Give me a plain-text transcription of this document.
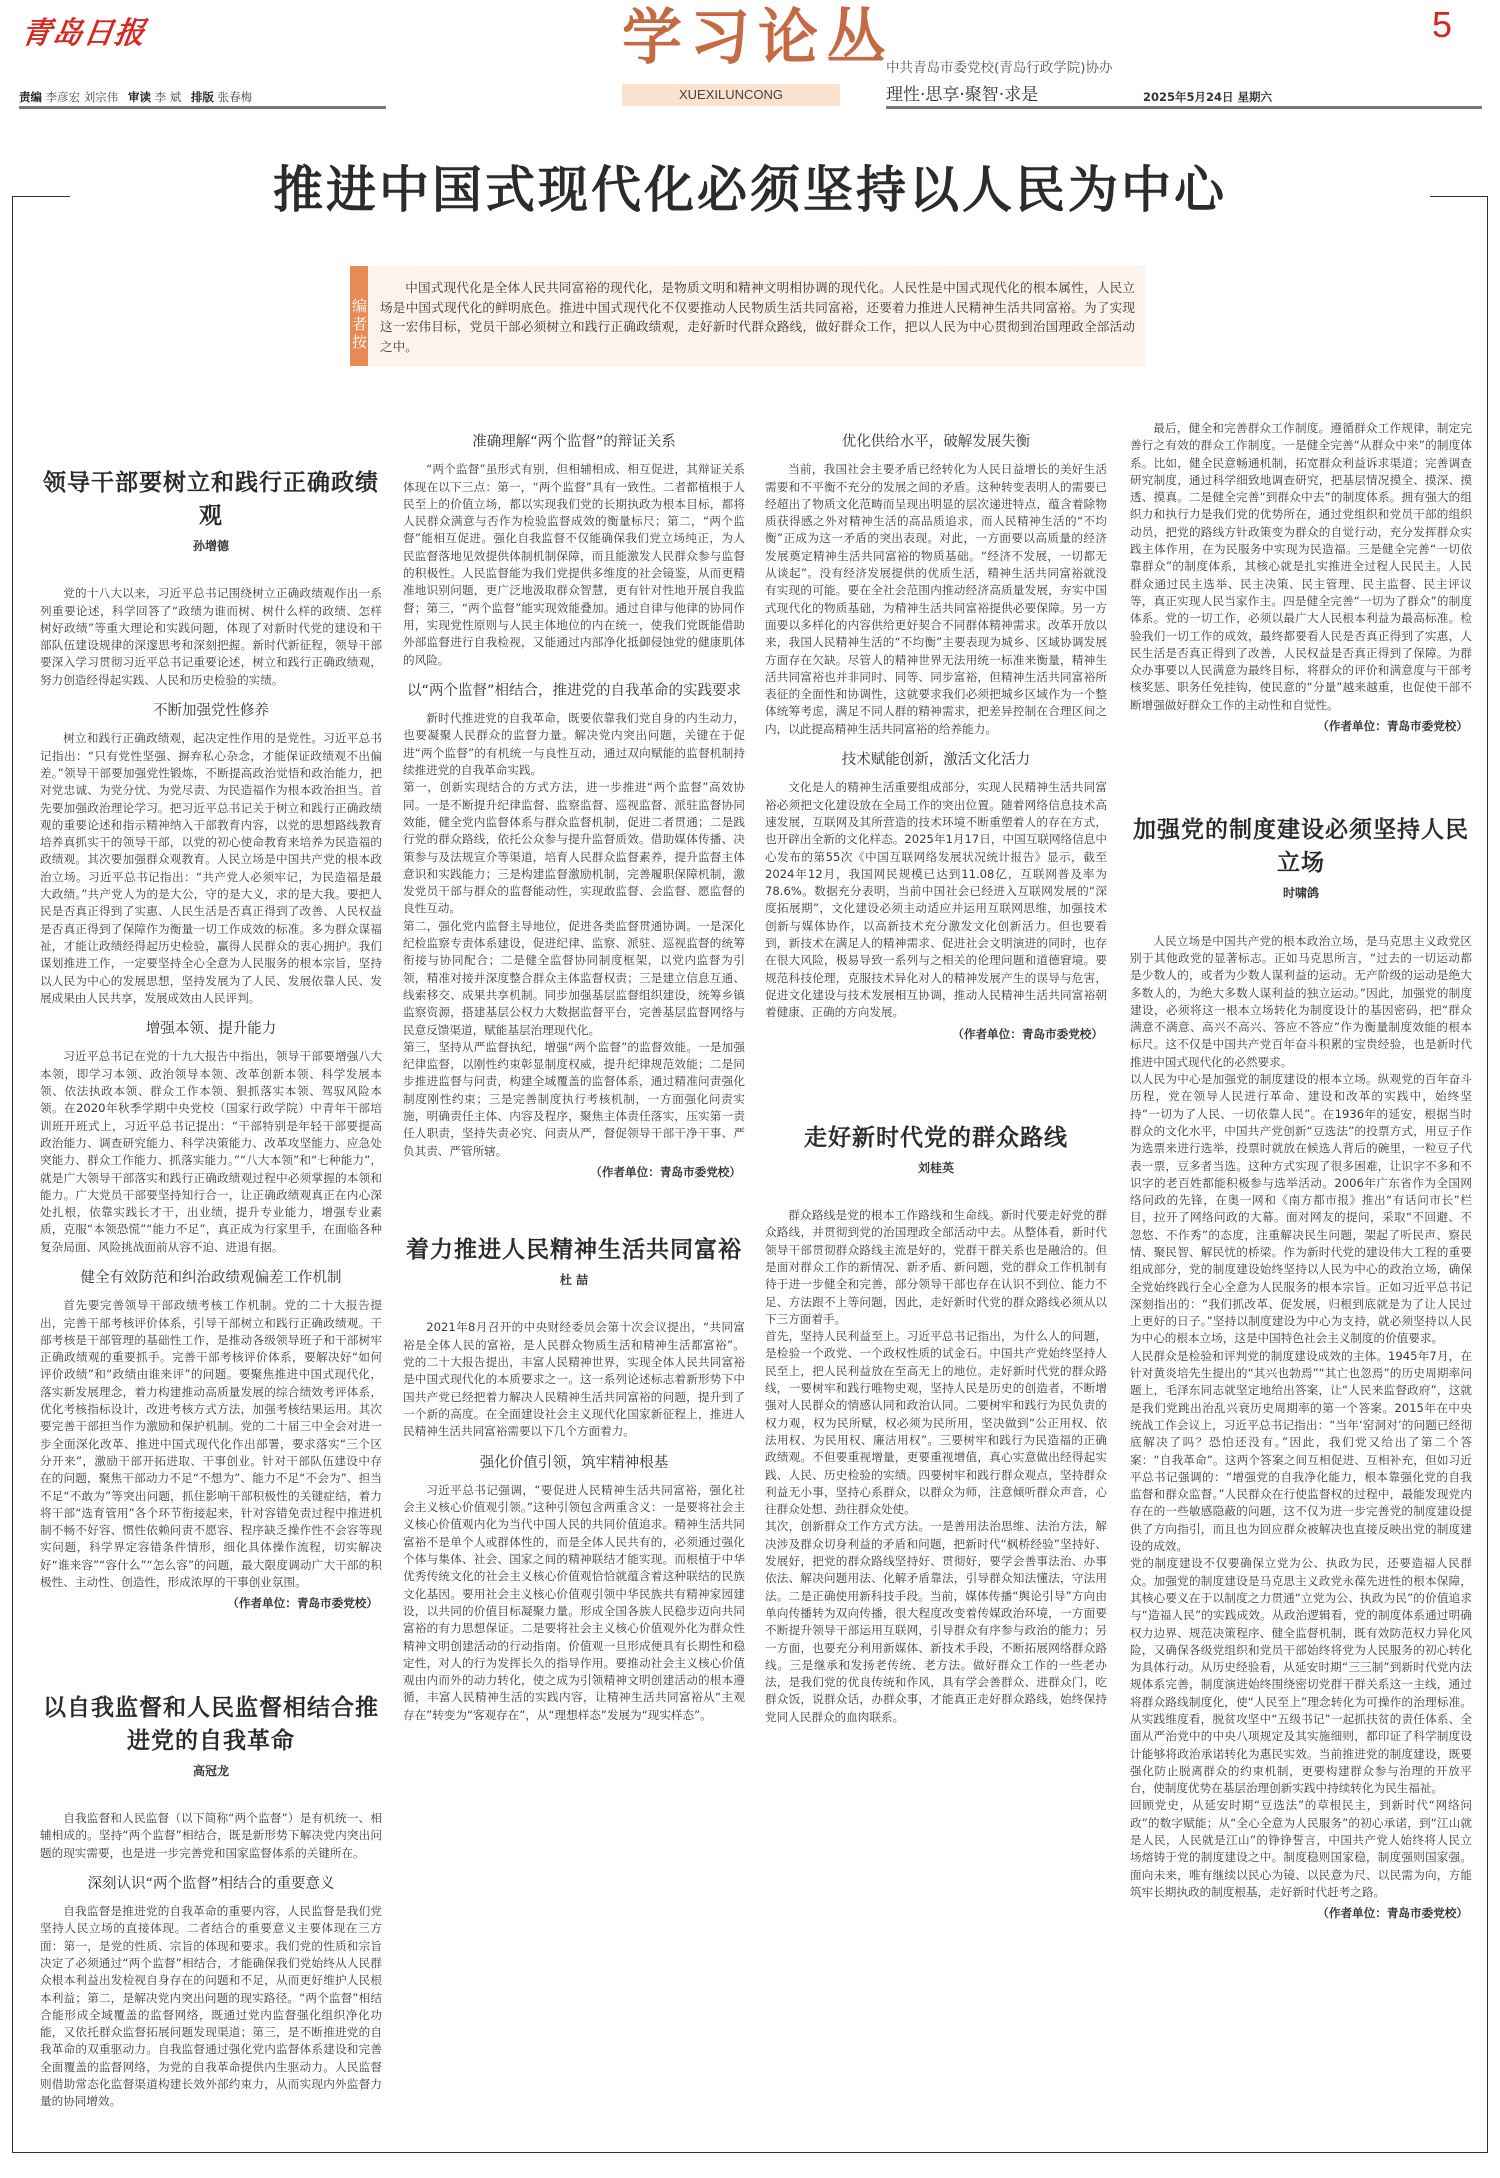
青岛日报	学习论丛
XUEXILUNCONG
5
中共青岛市委党校(青岛行政学院)协办
理性·思享·聚智·求是	2025年5月24日 星期六
责编 李彦宏 刘宗伟 审读 李 斌 排版 张春梅
推进中国式现代化必须坚持以人民为中心
编者按
中国式现代化是全体人民共同富裕的现代化，是物质文明和精神文明相协调的现代化。人民性是中国式现代化的根本属性，人民立场是中国式现代化的鲜明底色。推进中国式现代化不仅要推动人民物质生活共同富裕，还要着力推进人民精神生活共同富裕。为了实现这一宏伟目标，党员干部必须树立和践行正确政绩观，走好新时代群众路线，做好群众工作，把以人民为中心贯彻到治国理政全部活动之中。
领导干部要树立和践行正确政绩观
孙增德

党的十八大以来，习近平总书记围绕树立正确政绩观作出一系列重要论述，科学回答了“政绩为谁而树、树什么样的政绩、怎样树好政绩”等重大理论和实践问题，体现了对新时代党的建设和干部队伍建设规律的深邃思考和深刻把握。新时代新征程，领导干部要深入学习贯彻习近平总书记重要论述，树立和践行正确政绩观，努力创造经得起实践、人民和历史检验的实绩。

不断加强党性修养

树立和践行正确政绩观，起决定性作用的是党性。习近平总书记指出：“只有党性坚强、摒弃私心杂念，才能保证政绩观不出偏差。”领导干部要加强党性锻炼，不断提高政治觉悟和政治能力，把对党忠诚、为党分忧、为党尽责、为民造福作为根本政治担当。首先要加强政治理论学习。把习近平总书记关于树立和践行正确政绩观的重要论述和指示精神纳入干部教育内容，以党的思想路线教育培养真抓实干的领导干部，以党的初心使命教育来培养为民造福的政绩观。其次要加强群众观教育。人民立场是中国共产党的根本政治立场。习近平总书记指出：“共产党人必须牢记，为民造福是最大政绩。”共产党人为的是大公，守的是大义，求的是大我。要把人民是否真正得到了实惠、人民生活是否真正得到了改善、人民权益是否真正得到了保障作为衡量一切工作成效的标准。多为群众谋福祉，才能让政绩经得起历史检验，赢得人民群众的衷心拥护。我们谋划推进工作，一定要坚持全心全意为人民服务的根本宗旨，坚持以人民为中心的发展思想，坚持发展为了人民、发展依靠人民、发展成果由人民共享，发展成效由人民评判。

增强本领、提升能力

习近平总书记在党的十九大报告中指出，领导干部要增强八大本领，即学习本领、政治领导本领、改革创新本领、科学发展本领、依法执政本领、群众工作本领、狠抓落实本领、驾驭风险本领。在2020年秋季学期中央党校（国家行政学院）中青年干部培训班开班式上，习近平总书记提出：“干部特别是年轻干部要提高政治能力、调查研究能力、科学决策能力、改革攻坚能力、应急处突能力、群众工作能力、抓落实能力。”“八大本领”和“七种能力”，就是广大领导干部落实和践行正确政绩观过程中必须掌握的本领和能力。广大党员干部要坚持知行合一，让正确政绩观真正在内心深处扎根，依靠实践长才干，出业绩，提升专业能力，增强专业素质，克服“本领恐慌”“能力不足”，真正成为行家里手，在面临各种复杂局面、风险挑战面前从容不迫、进退有据。

健全有效防范和纠治政绩观偏差工作机制

首先要完善领导干部政绩考核工作机制。党的二十大报告提出，完善干部考核评价体系，引导干部树立和践行正确政绩观。干部考核是干部管理的基础性工作，是推动各级领导班子和干部树牢正确政绩观的重要抓手。完善干部考核评价体系，要解决好“如何评价政绩”和“政绩由谁来评”的问题。要聚焦推进中国式现代化，落实新发展理念，着力构建推动高质量发展的综合绩效考评体系，优化考核指标设计，改进考核方式方法，加强考核结果运用。其次要完善干部担当作为激励和保护机制。党的二十届三中全会对进一步全面深化改革、推进中国式现代化作出部署，要求落实“三个区分开来”，激励干部开拓进取、干事创业。针对干部队伍建设中存在的问题，聚焦干部动力不足“不想为”、能力不足“不会为”、担当不足“不敢为”等突出问题，抓住影响干部积极性的关键症结，着力将干部“选育管用”各个环节衔接起来，针对容错免责过程中推进机制不畅不好容、惯性依赖问责不愿容、程序缺乏操作性不会容等现实问题，科学界定容错条件情形，细化具体操作流程，切实解决好“谁来容”“容什么”“怎么容”的问题，最大限度调动广大干部的积极性、主动性、创造性，形成浓厚的干事创业氛围。

（作者单位：青岛市委党校）
以自我监督和人民监督相结合推进党的自我革命
高冠龙

自我监督和人民监督（以下简称“两个监督”）是有机统一、相辅相成的。坚持“两个监督”相结合，既是新形势下解决党内突出问题的现实需要，也是进一步完善党和国家监督体系的关键所在。

深刻认识“两个监督”相结合的重要意义

自我监督是推进党的自我革命的重要内容，人民监督是我们党坚持人民立场的直接体现。二者结合的重要意义主要体现在三方面：第一，是党的性质、宗旨的体现和要求。我们党的性质和宗旨决定了必须通过“两个监督”相结合，才能确保我们党始终从人民群众根本利益出发检视自身存在的问题和不足，从而更好维护人民根本利益；第二，是解决党内突出问题的现实路径。“两个监督”相结合能形成全域覆盖的监督网络，既通过党内监督强化组织净化功能，又依托群众监督拓展问题发现渠道；第三，是不断推进党的自我革命的双重驱动力。自我监督通过强化党内监督体系建设和完善全面覆盖的监督网络，为党的自我革命提供内生驱动力。人民监督则借助常态化监督渠道构建长效外部约束力，从而实现内外监督力量的协同增效。

准确理解“两个监督”的辩证关系

“两个监督”虽形式有别，但相辅相成、相互促进，其辩证关系体现在以下三点：第一，“两个监督”具有一致性。二者都植根于人民至上的价值立场，都以实现我们党的长期执政为根本目标，都将人民群众满意与否作为检验监督成效的衡量标尺；第二，“两个监督”能相互促进。强化自我监督不仅能确保我们党立场纯正，为人民监督落地见效提供体制机制保障，而且能激发人民群众参与监督的积极性。人民监督能为我们党提供多维度的社会镜鉴，从而更精准地识别问题，更广泛地汲取群众智慧，更有针对性地开展自我监督；第三，“两个监督”能实现效能叠加。通过自律与他律的协同作用，实现党性原则与人民主体地位的内在统一，使我们党既能借助外部监督进行自我检视，又能通过内部净化抵御侵蚀党的健康肌体的风险。

以“两个监督”相结合，推进党的自我革命的实践要求

新时代推进党的自我革命，既要依靠我们党自身的内生动力，也要凝聚人民群众的监督力量。解决党内突出问题，关键在于促进“两个监督”的有机统一与良性互动，通过双向赋能的监督机制持续推进党的自我革命实践。
第一，创新实现结合的方式方法，进一步推进“两个监督”高效协同。一是不断提升纪律监督、监察监督、巡视监督、派驻监督协同效能，健全党内监督体系与群众监督机制，促进二者贯通；二是践行党的群众路线，依托公众参与提升监督质效。借助媒体传播、决策参与及法规宣介等渠道，培育人民群众监督素养，提升监督主体意识和实践能力；三是构建监督激励机制，完善履职保障机制，激发党员干部与群众的监督能动性，实现敢监督、会监督、愿监督的良性互动。
第二，强化党内监督主导地位，促进各类监督贯通协调。一是深化纪检监察专责体系建设，促进纪律、监察、派驻、巡视监督的统筹衔接与协同配合；二是健全监督协同制度框架，以党内监督为引领，精准对接并深度整合群众主体监督权责；三是建立信息互通、线索移交、成果共享机制。同步加强基层监督组织建设，统筹乡镇监察资源，搭建基层公权力大数据监督平台，完善基层监督网络与民意反馈渠道，赋能基层治理现代化。
第三，坚持从严监督执纪，增强“两个监督”的监督效能。一是加强纪律监督，以刚性约束彰显制度权威，提升纪律规范效能；二是同步推进监督与问责，构建全域覆盖的监督体系，通过精准问责强化制度刚性约束；三是完善制度执行考核机制，一方面强化问责实施，明确责任主体、内容及程序，聚焦主体责任落实，压实第一责任人职责，坚持失责必究、问责从严，督促领导干部干净干事、严负其责、严管所辖。

（作者单位：青岛市委党校）
着力推进人民精神生活共同富裕
杜 喆

2021年8月召开的中央财经委员会第十次会议提出，“共同富裕是全体人民的富裕，是人民群众物质生活和精神生活都富裕”。党的二十大报告提出，丰富人民精神世界，实现全体人民共同富裕是中国式现代化的本质要求之一。这一系列论述标志着新形势下中国共产党已经把着力解决人民精神生活共同富裕的问题，提升到了一个新的高度。在全面建设社会主义现代化国家新征程上，推进人民精神生活共同富裕需要以下几个方面着力。

强化价值引领，筑牢精神根基

习近平总书记强调，“要促进人民精神生活共同富裕，强化社会主义核心价值观引领。”这种引领包含两重含义：一是要将社会主义核心价值观内化为当代中国人民的共同价值追求。精神生活共同富裕不是单个人或群体性的，而是全体人民共有的，必须通过强化个体与集体、社会、国家之间的精神联结才能实现。而根植于中华优秀传统文化的社会主义核心价值观恰恰就蕴含着这种联结的民族文化基因。要用社会主义核心价值观引领中华民族共有精神家园建设，以共同的价值目标凝聚力量。形成全国各族人民稳步迈向共同富裕的有力思想保证。二是要将社会主义核心价值观外化为群众性精神文明创建活动的行动指南。价值观一旦形成便具有长期性和稳定性，对人的行为发挥长久的指导作用。要推动社会主义核心价值观由内而外的动力转化，使之成为引领精神文明创建活动的根本遵循，丰富人民精神生活的实践内容，让精神生活共同富裕从“主观存在”转变为“客观存在”，从“理想样态”发展为“现实样态”。

优化供给水平，破解发展失衡

当前，我国社会主要矛盾已经转化为人民日益增长的美好生活需要和不平衡不充分的发展之间的矛盾。这种转变表明人的需要已经超出了物质文化范畴而呈现出明显的层次递进特点，蕴含着除物质获得感之外对精神生活的高品质追求，而人民精神生活的“不均衡”正成为这一矛盾的突出表现。对此，一方面要以高质量的经济发展奠定精神生活共同富裕的物质基础。“经济不发展，一切都无从谈起”。没有经济发展提供的优质生活，精神生活共同富裕就没有实现的可能。要在全社会范围内推动经济高质量发展，夯实中国式现代化的物质基础，为精神生活共同富裕提供必要保障。另一方面要以多样化的内容供给更好契合不同群体精神需求。改革开放以来，我国人民精神生活的“不均衡”主要表现为城乡、区域协调发展方面存在欠缺。尽管人的精神世界无法用统一标准来衡量，精神生活共同富裕也并非同时、同等、同步富裕，但精神生活共同富裕所表征的全面性和协调性，这就要求我们必须把城乡区域作为一个整体统筹考虑，满足不同人群的精神需求，把差异控制在合理区间之内，以此提高精神生活共同富裕的给养能力。

技术赋能创新，激活文化活力

文化是人的精神生活重要组成部分，实现人民精神生活共同富裕必须把文化建设放在全局工作的突出位置。随着网络信息技术高速发展，互联网及其所营造的技术环境不断重塑着人的存在方式，也开辟出全新的文化样态。2025年1月17日，中国互联网络信息中心发布的第55次《中国互联网络发展状况统计报告》显示，截至2024年12月，我国网民规模已达到11.08亿，互联网普及率为78.6%。数据充分表明，当前中国社会已经进入互联网发展的“深度拓展期”，文化建设必须主动适应并运用互联网思维，加强技术创新与媒体协作，以高新技术充分激发文化创新活力。但也要看到，新技术在满足人的精神需求、促进社会文明演进的同时，也存在很大风险，极易导致一系列与之相关的伦理问题和道德窘境。要规范科技伦理，克服技术异化对人的精神发展产生的误导与危害，促进文化建设与技术发展相互协调，推动人民精神生活共同富裕朝着健康、正确的方向发展。

（作者单位：青岛市委党校）
走好新时代党的群众路线
刘桂英

群众路线是党的根本工作路线和生命线。新时代要走好党的群众路线，并贯彻到党的治国理政全部活动中去。从整体看，新时代领导干部贯彻群众路线主流是好的，党群干群关系也是融洽的。但是面对群众工作的新情况、新矛盾、新问题，党的群众工作机制有待于进一步健全和完善，部分领导干部也存在认识不到位、能力不足、方法跟不上等问题，因此，走好新时代党的群众路线必须从以下三方面着手。
首先，坚持人民利益至上。习近平总书记指出，为什么人的问题，是检验一个政党、一个政权性质的试金石。中国共产党始终坚持人民至上，把人民利益放在至高无上的地位。走好新时代党的群众路线，一要树牢和践行唯物史观，坚持人民是历史的创造者，不断增强对人民群众的情感认同和政治认同。二要树牢和践行为民负责的权力观，权为民所赋，权必须为民所用，坚决做到“公正用权、依法用权、为民用权、廉洁用权”。三要树牢和践行为民造福的正确政绩观。不但要重视增量，更要重视增值，真心实意做出经得起实践、人民、历史检验的实绩。四要树牢和践行群众观点，坚持群众利益无小事，坚持心系群众，以群众为师，注意倾听群众声音，心往群众处想、劲往群众处使。
其次，创新群众工作方式方法。一是善用法治思维、法治方法，解决涉及群众切身利益的矛盾和问题，把新时代“枫桥经验”坚持好、发展好，把党的群众路线坚持好、贯彻好，要学会善事法治、办事依法、解决问题用法、化解矛盾靠法，引导群众知法懂法，守法用法。二是正确使用新科技手段。当前，媒体传播“舆论引导”方向由单向传播转为双向传播，很大程度改变着传媒政治环境，一方面要不断提升领导干部运用互联网，引导群众有序参与政治的能力；另一方面，也要充分利用新媒体、新技术手段，不断拓展网络群众路线。三是继承和发扬老传统、老方法。做好群众工作的一些老办法，是我们党的优良传统和作风，具有学会善群众、进群众门，吃群众饭，说群众话，办群众事，才能真正走好群众路线，始终保持党同人民群众的血肉联系。

最后，健全和完善群众工作制度。遵循群众工作规律，制定完善行之有效的群众工作制度。一是健全完善“从群众中来”的制度体系。比如，健全民意畅通机制，拓宽群众利益诉求渠道；完善调查研究制度，通过科学细致地调查研究，把基层情况摸全、摸深、摸透、摸真。二是健全完善“到群众中去”的制度体系。拥有强大的组织力和执行力是我们党的优势所在，通过党组织和党员干部的组织动员，把党的路线方针政策变为群众的自觉行动，充分发挥群众实践主体作用，在为民服务中实现为民造福。三是健全完善“一切依靠群众”的制度体系，其核心就是扎实推进全过程人民民主。人民群众通过民主选举、民主决策、民主管理、民主监督、民主评议等，真正实现人民当家作主。四是健全完善“一切为了群众”的制度体系。党的一切工作，必须以最广大人民根本利益为最高标准。检验我们一切工作的成效，最终都要看人民是否真正得到了实惠，人民生活是否真正得到了改善，人民权益是否真正得到了保障。为群众办事要以人民满意为最终目标，将群众的评价和满意度与干部考核奖惩、职务任免挂钩，使民意的“分量”越来越重，也促使干部不断增强做好群众工作的主动性和自觉性。

（作者单位：青岛市委党校）
加强党的制度建设必须坚持人民立场
时啸鸽

人民立场是中国共产党的根本政治立场，是马克思主义政党区别于其他政党的显著标志。正如马克思所言，“过去的一切运动都是少数人的，或者为少数人谋利益的运动。无产阶级的运动是绝大多数人的，为绝大多数人谋利益的独立运动。”因此，加强党的制度建设，必须将这一根本立场转化为制度设计的基因密码，把“群众满意不满意、高兴不高兴、答应不答应”作为衡量制度效能的根本标尺。这不仅是中国共产党百年奋斗积累的宝贵经验，也是新时代推进中国式现代化的必然要求。
以人民为中心是加强党的制度建设的根本立场。纵观党的百年奋斗历程，党在领导人民进行革命、建设和改革的实践中，始终坚持“一切为了人民、一切依靠人民”。在1936年的延安，根据当时群众的文化水平，中国共产党创新“豆选法”的投票方式，用豆子作为选票来进行选举，投票时就放在候选人背后的碗里，一粒豆子代表一票，豆多者当选。这种方式实现了很多困难，让识字不多和不识字的老百姓都能积极参与选举活动。2006年广东省作为全国网络问政的先锋，在奥一网和《南方都市报》推出“有话问市长”栏目，拉开了网络问政的大幕。面对网友的提问，采取“不回避、不忽悠、不作秀”的态度，注重解决民生问题，架起了听民声、察民情、聚民智、解民忧的桥梁。作为新时代党的建设伟大工程的重要组成部分，党的制度建设始终坚持以人民为中心的政治立场，确保全党始终践行全心全意为人民服务的根本宗旨。正如习近平总书记深刻指出的：“我们抓改革、促发展，归根到底就是为了让人民过上更好的日子。”坚持以制度建设为中心为支持，就必须坚持以人民为中心的根本立场，这是中国特色社会主义制度的价值要求。
人民群众是检验和评判党的制度建设成效的主体。1945年7月，在针对黄炎培先生提出的“其兴也勃焉”“其亡也忽焉”的历史周期率问题上，毛泽东同志就坚定地给出答案，让“人民来监督政府”，这就是我们党跳出治乱兴衰历史周期率的第一个答案。2015年在中央统战工作会议上，习近平总书记指出：“当年‘窑洞对’的问题已经彻底解决了吗？恐怕还没有。”因此，我们党又给出了第二个答案：“自我革命”。这两个答案之间互相促进、互相补充，但如习近平总书记强调的：“增强党的自我净化能力，根本靠强化党的自我监督和群众监督。”人民群众在行使监督权的过程中，最能发现党内存在的一些敏感隐蔽的问题，这不仅为进一步完善党的制度建设提供了方向指引，而且也为回应群众被解决也直接反映出党的制度建设的成效。
党的制度建设不仅要确保立党为公、执政为民，还要造福人民群众。加强党的制度建设是马克思主义政党永葆先进性的根本保障，其核心要义在于以制度之力贯通“立党为公、执政为民”的价值追求与“造福人民”的实践成效。从政治逻辑看，党的制度体系通过明确权力边界、规范决策程序、健全监督机制，既有效防范权力异化风险，又确保各级党组织和党员干部始终将党为人民服务的初心转化为具体行动。从历史经验看，从延安时期“三三制”到新时代党内法规体系完善，制度演进始终围绕密切党群干群关系这一主线，通过将群众路线制度化，使“人民至上”理念转化为可操作的治理标准。从实践维度看，脱贫攻坚中“五级书记”一起抓扶贫的责任体系、全面从严治党中的中央八项规定及其实施细则，都印证了科学制度设计能够将政治承诺转化为惠民实效。当前推进党的制度建设，既要强化防止脱离群众的约束机制，更要构建群众参与治理的开放平台，使制度优势在基层治理创新实践中持续转化为民生福祉。
回顾党史，从延安时期“豆选法”的草根民主，到新时代“网络问政”的数字赋能；从“全心全意为人民服务”的初心承诺，到“江山就是人民，人民就是江山”的铮铮誓言，中国共产党人始终将人民立场熔铸于党的制度建设之中。制度稳则国家稳，制度强则国家强。面向未来，唯有继续以民心为镜、以民意为尺、以民需为向，方能筑牢长期执政的制度根基，走好新时代赶考之路。

（作者单位：青岛市委党校）
